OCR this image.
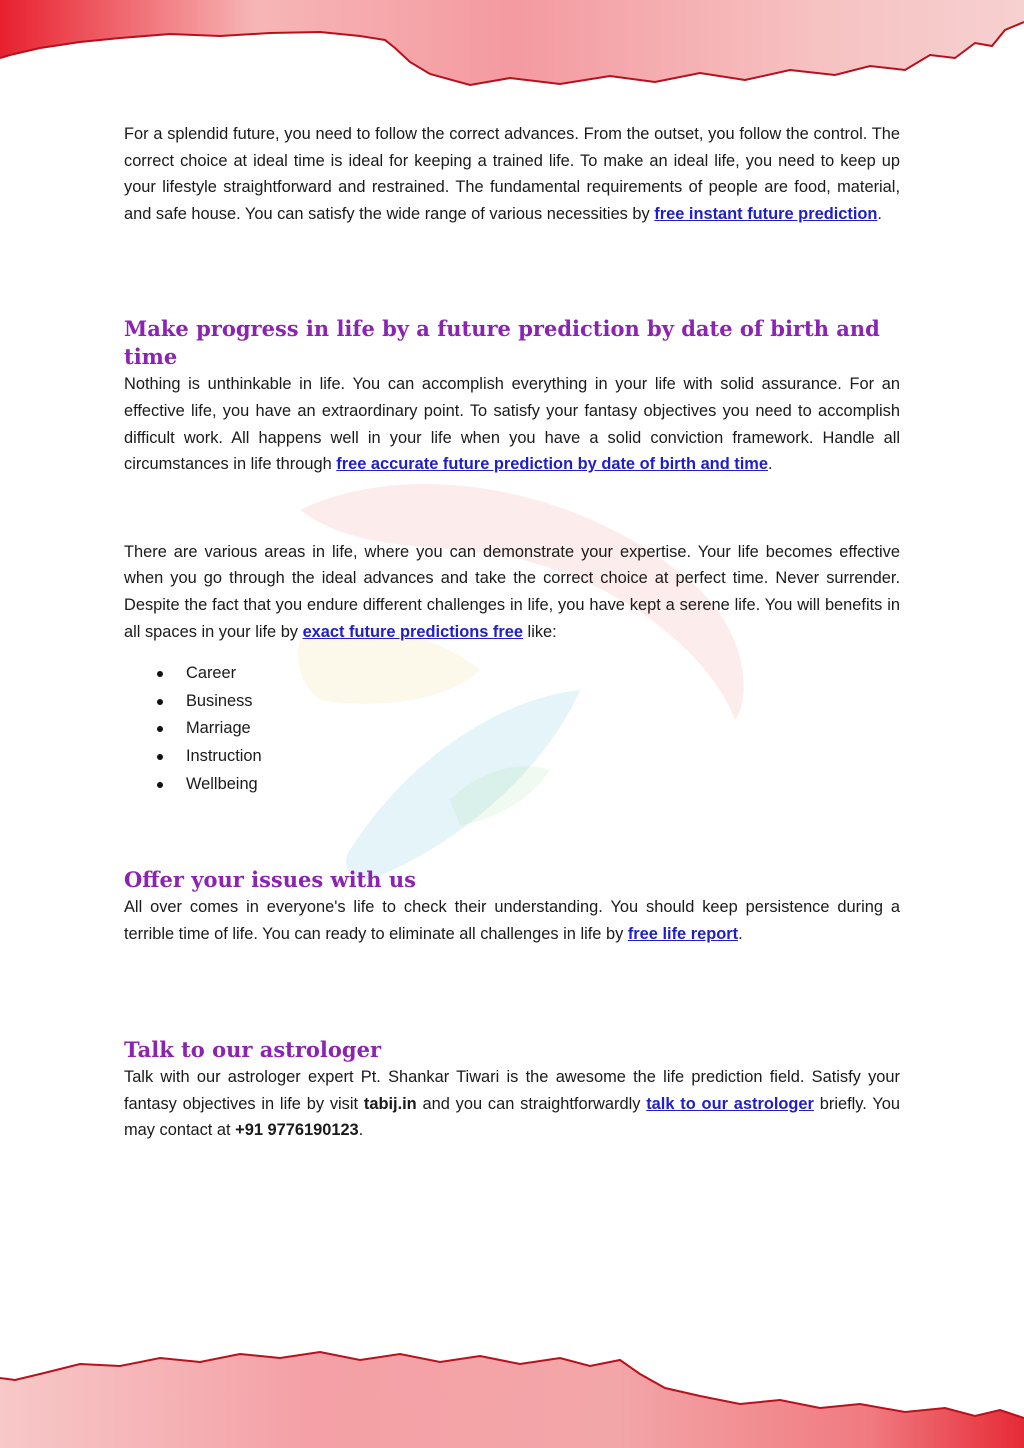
For a splendid future, you need to follow the correct advances. From the outset, you follow the control. The correct choice at ideal time is ideal for keeping a trained life. To make an ideal life, you need to keep up your lifestyle straightforward and restrained. The fundamental requirements of people are food, material, and safe house. You can satisfy the wide range of various necessities by free instant future prediction.

Make progress in life by a future prediction by date of birth and time

Nothing is unthinkable in life. You can accomplish everything in your life with solid assurance. For an effective life, you have an extraordinary point. To satisfy your fantasy objectives you need to accomplish difficult work. All happens well in your life when you have a solid conviction framework. Handle all circumstances in life through free accurate future prediction by date of birth and time.

There are various areas in life, where you can demonstrate your expertise. Your life becomes effective when you go through the ideal advances and take the correct choice at perfect time. Never surrender. Despite the fact that you endure different challenges in life, you have kept a serene life. You will benefits in all spaces in your life by exact future predictions free like:

Career
Business
Marriage
Instruction
Wellbeing
Offer your issues with us

All over comes in everyone's life to check their understanding. You should keep persistence during a terrible time of life. You can ready to eliminate all challenges in life by free life report.

Talk to our astrologer

Talk with our astrologer expert Pt. Shankar Tiwari is the awesome the life prediction field. Satisfy your fantasy objectives in life by visit tabij.in and you can straightforwardly talk to our astrologer briefly. You may contact at +91 9776190123.
